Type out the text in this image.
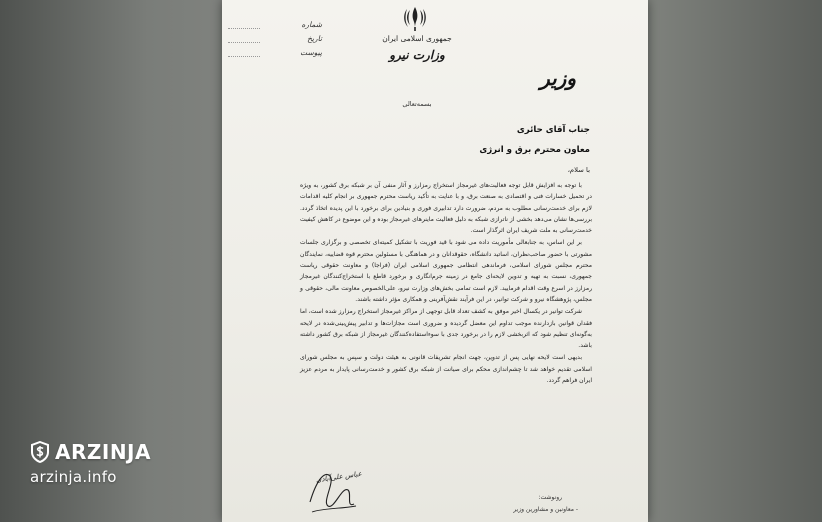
جمهوری اسلامی ایران
وزارت نیرو
شماره
تاریخ
پیوست
وزیر
بسمه‌تعالی
جناب آقای حائری
معاون محترم برق و انرژی
با سلام،

با توجه به افزایش قابل توجه فعالیت‌های غیرمجاز استخراج رمزارز و آثار منفی آن بر شبکه برق کشور، به ویژه در تحمیل خسارات فنی و اقتصادی به صنعت برق، و با عنایت به تأکید ریاست محترم جمهوری بر انجام کلیه اقدامات لازم برای خدمت‌رسانی مطلوب به مردم، ضرورت دارد تدابیری فوری و بنیادین برای برخورد با این پدیده اتخاذ گردد. بررسی‌ها نشان می‌دهد بخشی از ناترازی شبکه به دلیل فعالیت ماینرهای غیرمجاز بوده و این موضوع در کاهش کیفیت خدمت‌رسانی به ملت شریف ایران اثرگذار است.

بر این اساس، به جنابعالی مأموریت داده می شود با قید فوریت با تشکیل کمیته‌ای تخصصی و برگزاری جلسات مشورتی با حضور صاحب‌نظران، اساتید دانشگاه، حقوقدانان و در هماهنگی با مسئولین محترم قوه قضاییه، نمایندگان محترم مجلس شورای اسلامی، فرماندهی انتظامی جمهوری اسلامی ایران (فراجا) و معاونت حقوقی ریاست جمهوری، نسبت به تهیه و تدوین لایحه‌ای جامع در زمینه جرم‌انگاری و برخورد قاطع با استخراج‌کنندگان غیرمجاز رمزارز در اسرع وقت اقدام فرمایید. لازم است تمامی بخش‌های وزارت نیرو، علی‌الخصوص معاونت مالی، حقوقی و مجلس، پژوهشگاه نیرو و شرکت توانیر، در این فرآیند نقش‌آفرینی و همکاری مؤثر داشته باشند.

شرکت توانیر در یکسال اخیر موفق به کشف تعداد قابل توجهی از مراکز غیرمجاز استخراج رمزارز شده است، اما فقدان قوانین بازدارنده موجب تداوم این معضل گردیده و ضروری است مجازات‌ها و تدابیر پیش‌بینی‌شده در لایحه به‌گونه‌ای تنظیم شود که اثربخشی لازم را در برخورد جدی با سوءاستفاده‌کنندگان غیرمجاز از شبکه برق کشور داشته باشد.

بدیهی است لایحه نهایی پس از تدوین، جهت انجام تشریفات قانونی به هیئت دولت و سپس به مجلس شورای اسلامی تقدیم خواهد شد تا چشم‌اندازی محکم برای صیانت از شبکه برق کشور و خدمت‌رسانی پایدار به مردم عزیز ایران فراهم گردد.

عباس علی‌آبادی
رونوشت:
- معاونین و مشاورین وزیر
ARZINJA
arzinja.info
